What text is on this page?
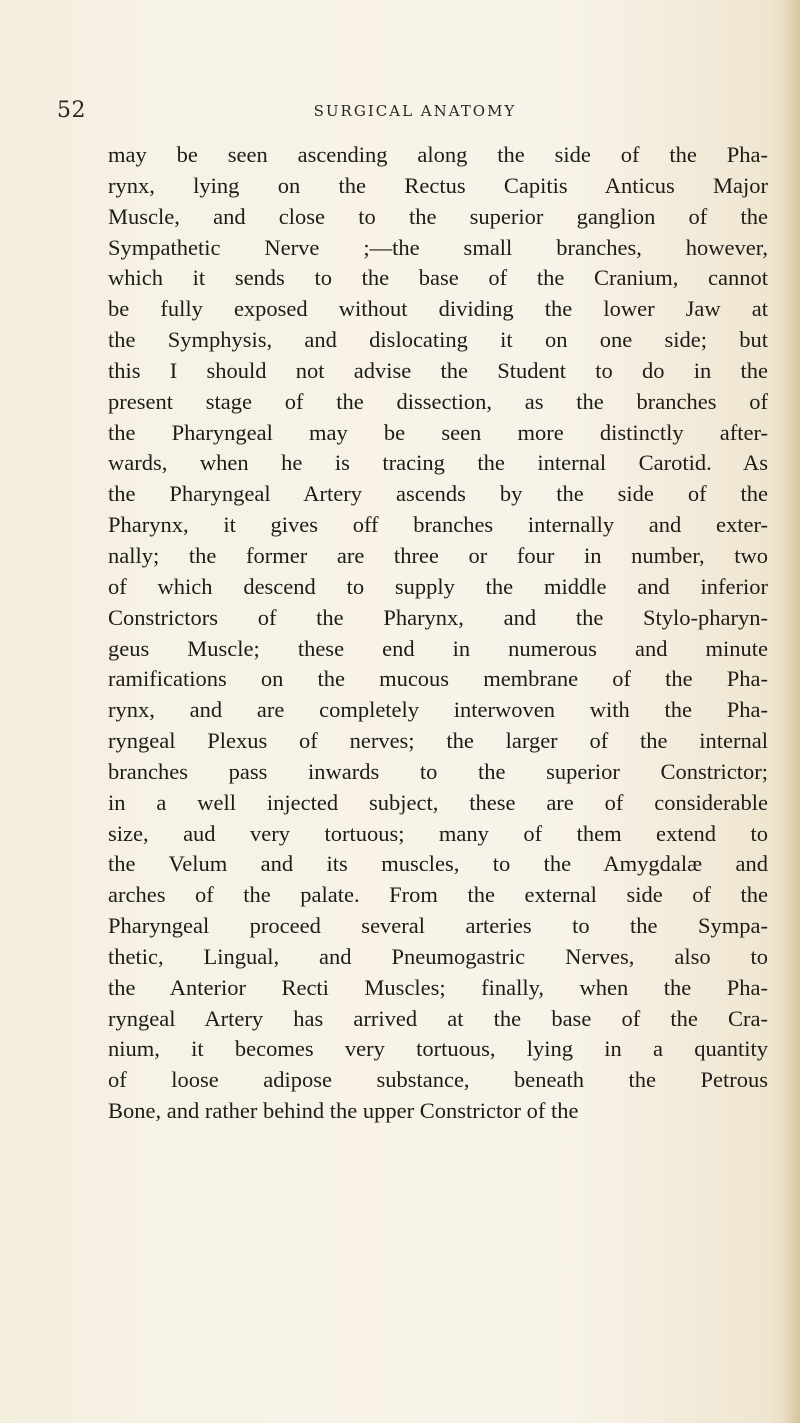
52	SURGICAL ANATOMY
may be seen ascending along the side of the Pha-
rynx, lying on the Rectus Capitis Anticus Major
Muscle, and close to the superior ganglion of the
Sympathetic Nerve ;—the small branches, however,
which it sends to the base of the Cranium, cannot
be fully exposed without dividing the lower Jaw at
the Symphysis, and dislocating it on one side; but
this I should not advise the Student to do in the
present stage of the dissection, as the branches of
the Pharyngeal may be seen more distinctly after-
wards, when he is tracing the internal Carotid. As
the Pharyngeal Artery ascends by the side of the
Pharynx, it gives off branches internally and exter-
nally; the former are three or four in number, two
of which descend to supply the middle and inferior
Constrictors of the Pharynx, and the Stylo-pharyn-
geus Muscle; these end in numerous and minute
ramifications on the mucous membrane of the Pha-
rynx, and are completely interwoven with the Pha-
ryngeal Plexus of nerves; the larger of the internal
branches pass inwards to the superior Constrictor;
in a well injected subject, these are of considerable
size, aud very tortuous; many of them extend to
the Velum and its muscles, to the Amygdalæ and
arches of the palate. From the external side of the
Pharyngeal proceed several arteries to the Sympa-
thetic, Lingual, and Pneumogastric Nerves, also to
the Anterior Recti Muscles; finally, when the Pha-
ryngeal Artery has arrived at the base of the Cra-
nium, it becomes very tortuous, lying in a quantity
of loose adipose substance, beneath the Petrous
Bone, and rather behind the upper Constrictor of the
